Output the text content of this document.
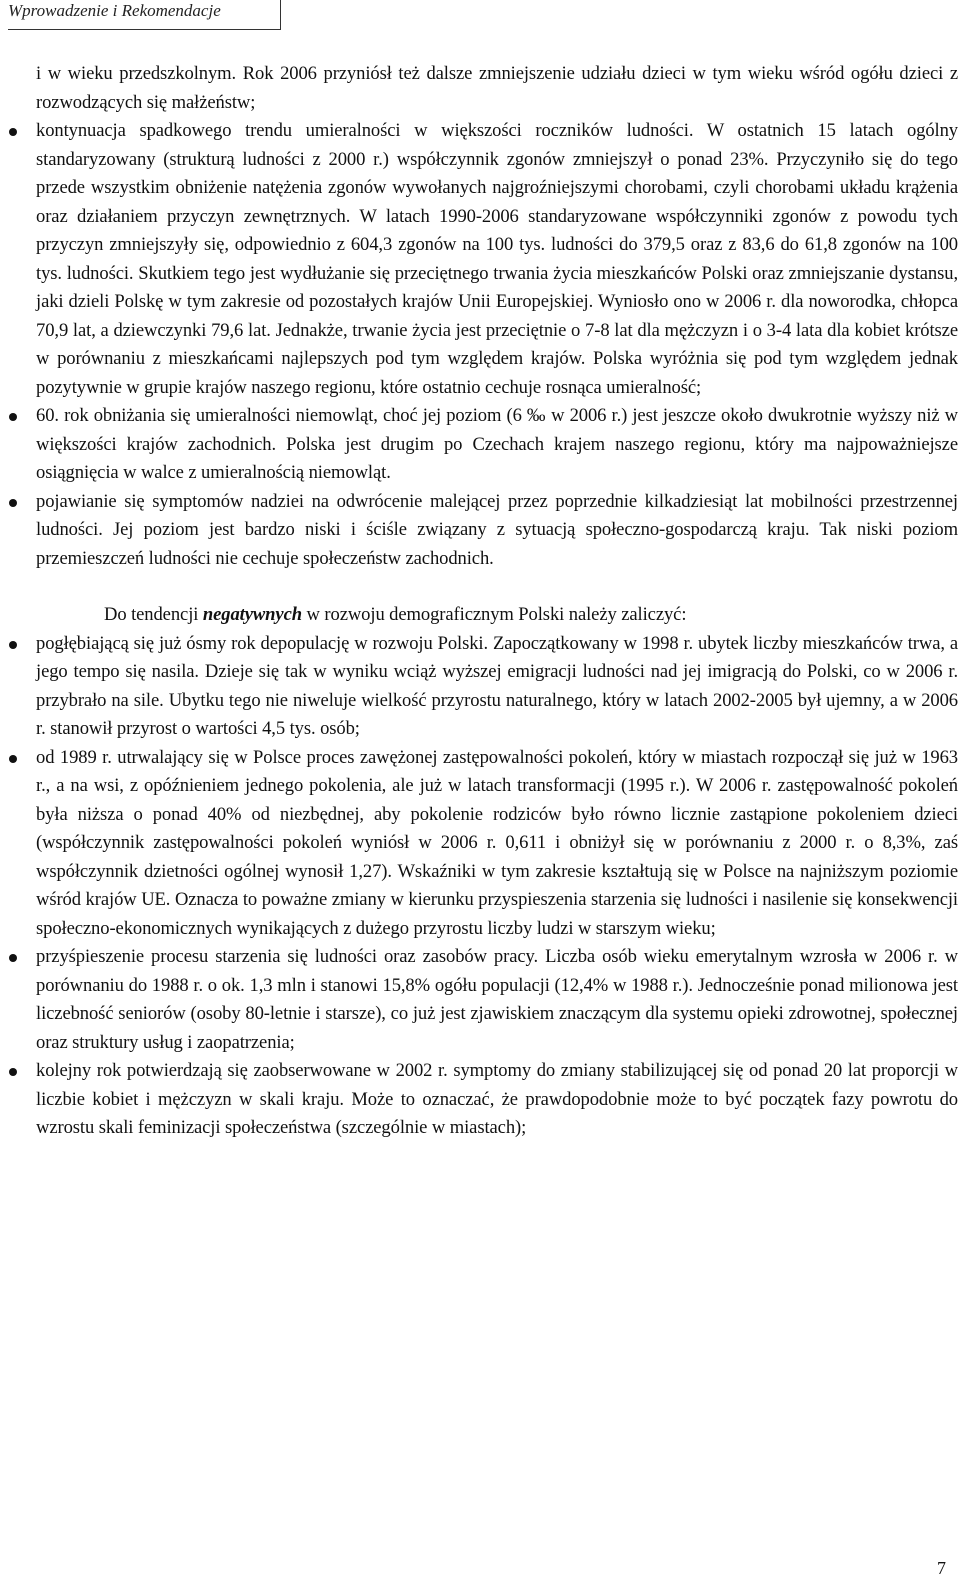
Wprowadzenie i Rekomendacje

i w wieku przedszkolnym. Rok 2006 przyniósł też dalsze zmniejszenie udziału dzieci w tym wieku wśród ogółu dzieci z rozwodzących się małżeństw;

kontynuacja spadkowego trendu umieralności w większości roczników ludności. W ostatnich 15 latach ogólny standaryzowany (strukturą ludności z 2000 r.) współczynnik zgonów zmniejszył o ponad 23%. Przyczyniło się do tego przede wszystkim obniżenie natężenia zgonów wywołanych najgroźniejszymi chorobami, czyli chorobami układu krążenia oraz działaniem przyczyn zewnętrznych. W latach 1990-2006 standaryzowane współczynniki zgonów z powodu tych przyczyn zmniejszyły się, odpowiednio z 604,3 zgonów na 100 tys. ludności do 379,5 oraz z 83,6 do 61,8 zgonów na 100 tys. ludności. Skutkiem tego jest wydłużanie się przeciętnego trwania życia mieszkańców Polski oraz zmniejszanie dystansu, jaki dzieli Polskę w tym zakresie od pozostałych krajów Unii Europejskiej. Wyniosło ono w 2006 r. dla noworodka, chłopca 70,9 lat, a dziewczynki 79,6 lat. Jednakże, trwanie życia jest przeciętnie o 7-8 lat dla mężczyzn i o 3-4 lata dla kobiet krótsze w porównaniu z mieszkańcami najlepszych pod tym względem krajów. Polska wyróżnia się pod tym względem jednak pozytywnie w grupie krajów naszego regionu, które ostatnio cechuje rosnąca umieralność;

60. rok obniżania się umieralności niemowląt, choć jej poziom (6 ‰ w 2006 r.) jest jeszcze około dwukrotnie wyższy niż w większości krajów zachodnich. Polska jest drugim po Czechach krajem naszego regionu, który ma najpoważniejsze osiągnięcia w walce z umieralnością niemowląt.

pojawianie się symptomów nadziei na odwrócenie malejącej przez poprzednie kilkadziesiąt lat mobilności przestrzennej ludności. Jej poziom jest bardzo niski i ściśle związany z sytuacją społeczno-gospodarczą kraju. Tak niski poziom przemieszczeń ludności nie cechuje społeczeństw zachodnich.

Do tendencji negatywnych w rozwoju demograficznym Polski należy zaliczyć:

pogłębiającą się już ósmy rok depopulację w rozwoju Polski. Zapoczątkowany w 1998 r. ubytek liczby mieszkańców trwa, a jego tempo się nasila. Dzieje się tak w wyniku wciąż wyższej emigracji ludności nad jej imigracją do Polski, co w 2006 r. przybrało na sile. Ubytku tego nie niweluje wielkość przyrostu naturalnego, który w latach 2002-2005 był ujemny, a w 2006 r. stanowił przyrost o wartości 4,5 tys. osób;

od 1989 r. utrwalający się w Polsce proces zawężonej zastępowalności pokoleń, który w miastach rozpoczął się już w 1963 r., a na wsi, z opóźnieniem jednego pokolenia, ale już w latach transformacji (1995 r.). W 2006 r. zastępowalność pokoleń była niższa o ponad 40% od niezbędnej, aby pokolenie rodziców było równo licznie zastąpione pokoleniem dzieci (współczynnik zastępowalności pokoleń wyniósł w 2006 r. 0,611 i obniżył się w porównaniu z 2000 r. o 8,3%, zaś współczynnik dzietności ogólnej wynosił 1,27). Wskaźniki w tym zakresie kształtują się w Polsce na najniższym poziomie wśród krajów UE. Oznacza to poważne zmiany w kierunku przyspieszenia starzenia się ludności i nasilenie się konsekwencji społeczno-ekonomicznych wynikających z dużego przyrostu liczby ludzi w starszym wieku;

przyśpieszenie procesu starzenia się ludności oraz zasobów pracy. Liczba osób wieku emerytalnym wzrosła w 2006 r. w porównaniu do 1988 r. o ok. 1,3 mln i stanowi 15,8% ogółu populacji (12,4% w 1988 r.). Jednocześnie ponad milionowa jest liczebność seniorów (osoby 80-letnie i starsze), co już jest zjawiskiem znaczącym dla systemu opieki zdrowotnej, społecznej oraz struktury usług i zaopatrzenia;

kolejny rok potwierdzają się zaobserwowane w 2002 r. symptomy do zmiany stabilizującej się od ponad 20 lat proporcji w liczbie kobiet i mężczyzn w skali kraju. Może to oznaczać, że prawdopodobnie może to być początek fazy powrotu do wzrostu skali feminizacji społeczeństwa (szczególnie w miastach);

7
